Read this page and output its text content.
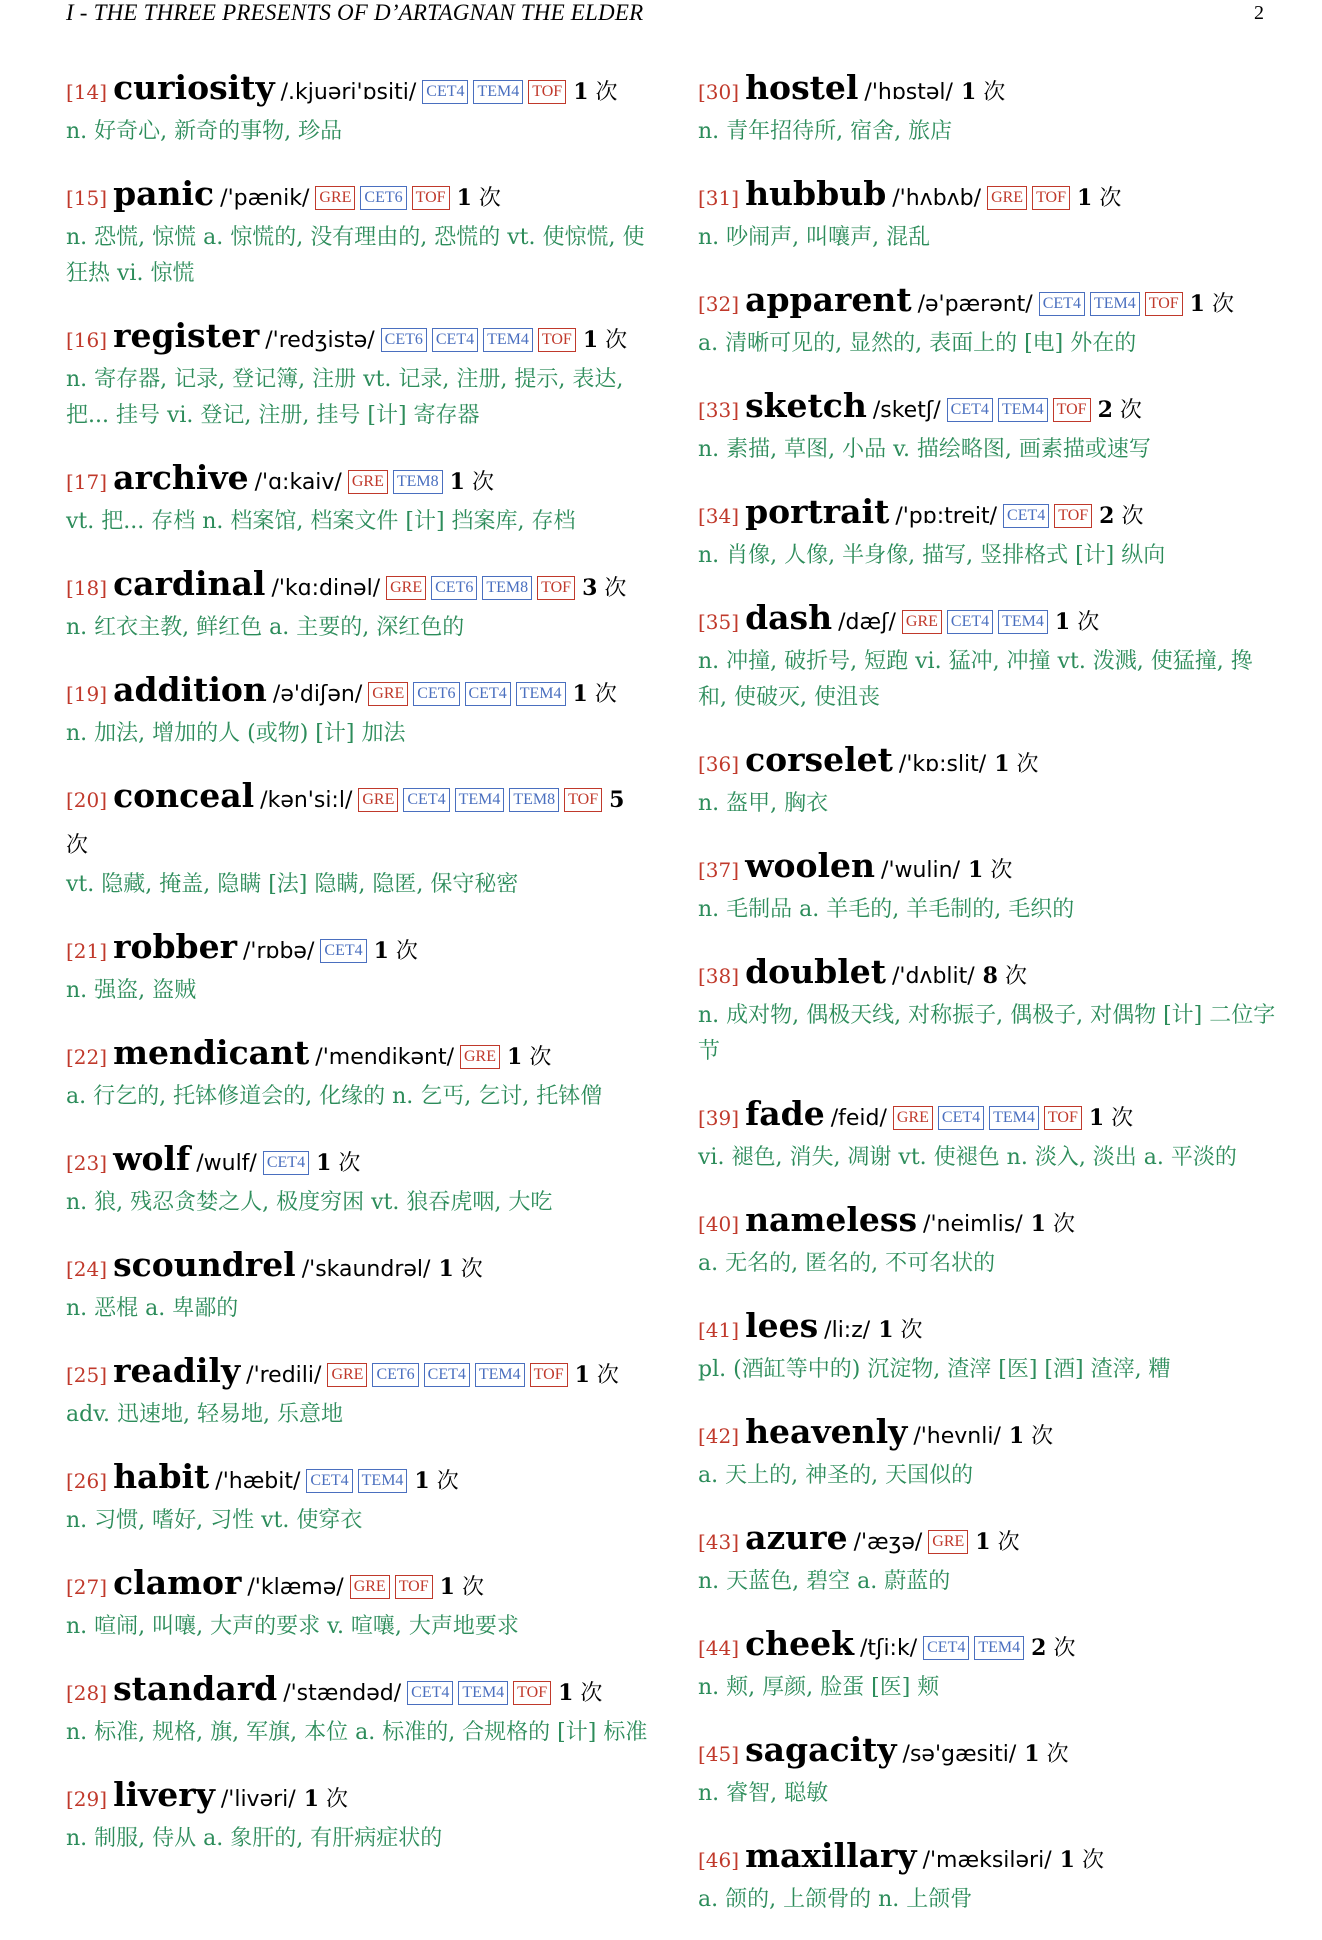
I - THE THREE PRESENTS OF D’ARTAGNAN THE ELDER	2
[14] curiosity /.kjuəri'ɒsiti/ CET4 TEM4 TOF 1 次
n. 好奇心, 新奇的事物, 珍品
[15] panic /'pænik/ GRE CET6 TOF 1 次
n. 恐慌, 惊慌 a. 惊慌的, 没有理由的, 恐慌的 vt. 使惊慌, 使狂热 vi. 惊慌
[16] register /'redʒistə/ CET6 CET4 TEM4 TOF 1 次
n. 寄存器, 记录, 登记簿, 注册 vt. 记录, 注册, 提示, 表达, 把... 挂号 vi. 登记, 注册, 挂号 [计] 寄存器
[17] archive /'ɑ:kaiv/ GRE TEM8 1 次
vt. 把... 存档 n. 档案馆, 档案文件 [计] 挡案库, 存档
[18] cardinal /'kɑ:dinəl/ GRE CET6 TEM8 TOF 3 次
n. 红衣主教, 鲜红色 a. 主要的, 深红色的
[19] addition /ə'diʃən/ GRE CET6 CET4 TEM4 1 次
n. 加法, 增加的人 (或物) [计] 加法
[20] conceal /kən'si:l/ GRE CET4 TEM4 TEM8 TOF 5 次
vt. 隐藏, 掩盖, 隐瞒 [法] 隐瞒, 隐匿, 保守秘密
[21] robber /'rɒbə/ CET4 1 次
n. 强盗, 盗贼
[22] mendicant /'mendikənt/ GRE 1 次
a. 行乞的, 托钵修道会的, 化缘的 n. 乞丐, 乞讨, 托钵僧
[23] wolf /wulf/ CET4 1 次
n. 狼, 残忍贪婪之人, 极度穷困 vt. 狼吞虎咽, 大吃
[24] scoundrel /'skaundrəl/ 1 次
n. 恶棍 a. 卑鄙的
[25] readily /'redili/ GRE CET6 CET4 TEM4 TOF 1 次
adv. 迅速地, 轻易地, 乐意地
[26] habit /'hæbit/ CET4 TEM4 1 次
n. 习惯, 嗜好, 习性 vt. 使穿衣
[27] clamor /'klæmə/ GRE TOF 1 次
n. 喧闹, 叫嚷, 大声的要求 v. 喧嚷, 大声地要求
[28] standard /'stændəd/ CET4 TEM4 TOF 1 次
n. 标准, 规格, 旗, 军旗, 本位 a. 标准的, 合规格的 [计] 标准
[29] livery /'livəri/ 1 次
n. 制服, 侍从 a. 象肝的, 有肝病症状的
[30] hostel /'hɒstəl/ 1 次
n. 青年招待所, 宿舍, 旅店
[31] hubbub /'hʌbʌb/ GRE TOF 1 次
n. 吵闹声, 叫嚷声, 混乱
[32] apparent /ə'pærənt/ CET4 TEM4 TOF 1 次
a. 清晰可见的, 显然的, 表面上的 [电] 外在的
[33] sketch /sketʃ/ CET4 TEM4 TOF 2 次
n. 素描, 草图, 小品 v. 描绘略图, 画素描或速写
[34] portrait /'pɒ:treit/ CET4 TOF 2 次
n. 肖像, 人像, 半身像, 描写, 竖排格式 [计] 纵向
[35] dash /dæʃ/ GRE CET4 TEM4 1 次
n. 冲撞, 破折号, 短跑 vi. 猛冲, 冲撞 vt. 泼溅, 使猛撞, 搀和, 使破灭, 使沮丧
[36] corselet /'kɒ:slit/ 1 次
n. 盔甲, 胸衣
[37] woolen /'wulin/ 1 次
n. 毛制品 a. 羊毛的, 羊毛制的, 毛织的
[38] doublet /'dʌblit/ 8 次
n. 成对物, 偶极天线, 对称振子, 偶极子, 对偶物 [计] 二位字节
[39] fade /feid/ GRE CET4 TEM4 TOF 1 次
vi. 褪色, 消失, 凋谢 vt. 使褪色 n. 淡入, 淡出 a. 平淡的
[40] nameless /'neimlis/ 1 次
a. 无名的, 匿名的, 不可名状的
[41] lees /li:z/ 1 次
pl. (酒缸等中的) 沉淀物, 渣滓 [医] [酒] 渣滓, 糟
[42] heavenly /'hevnli/ 1 次
a. 天上的, 神圣的, 天国似的
[43] azure /'æʒə/ GRE 1 次
n. 天蓝色, 碧空 a. 蔚蓝的
[44] cheek /tʃi:k/ CET4 TEM4 2 次
n. 颊, 厚颜, 脸蛋 [医] 颊
[45] sagacity /sə'gæsiti/ 1 次
n. 睿智, 聪敏
[46] maxillary /'mæksiləri/ 1 次
a. 颌的, 上颌骨的 n. 上颌骨
